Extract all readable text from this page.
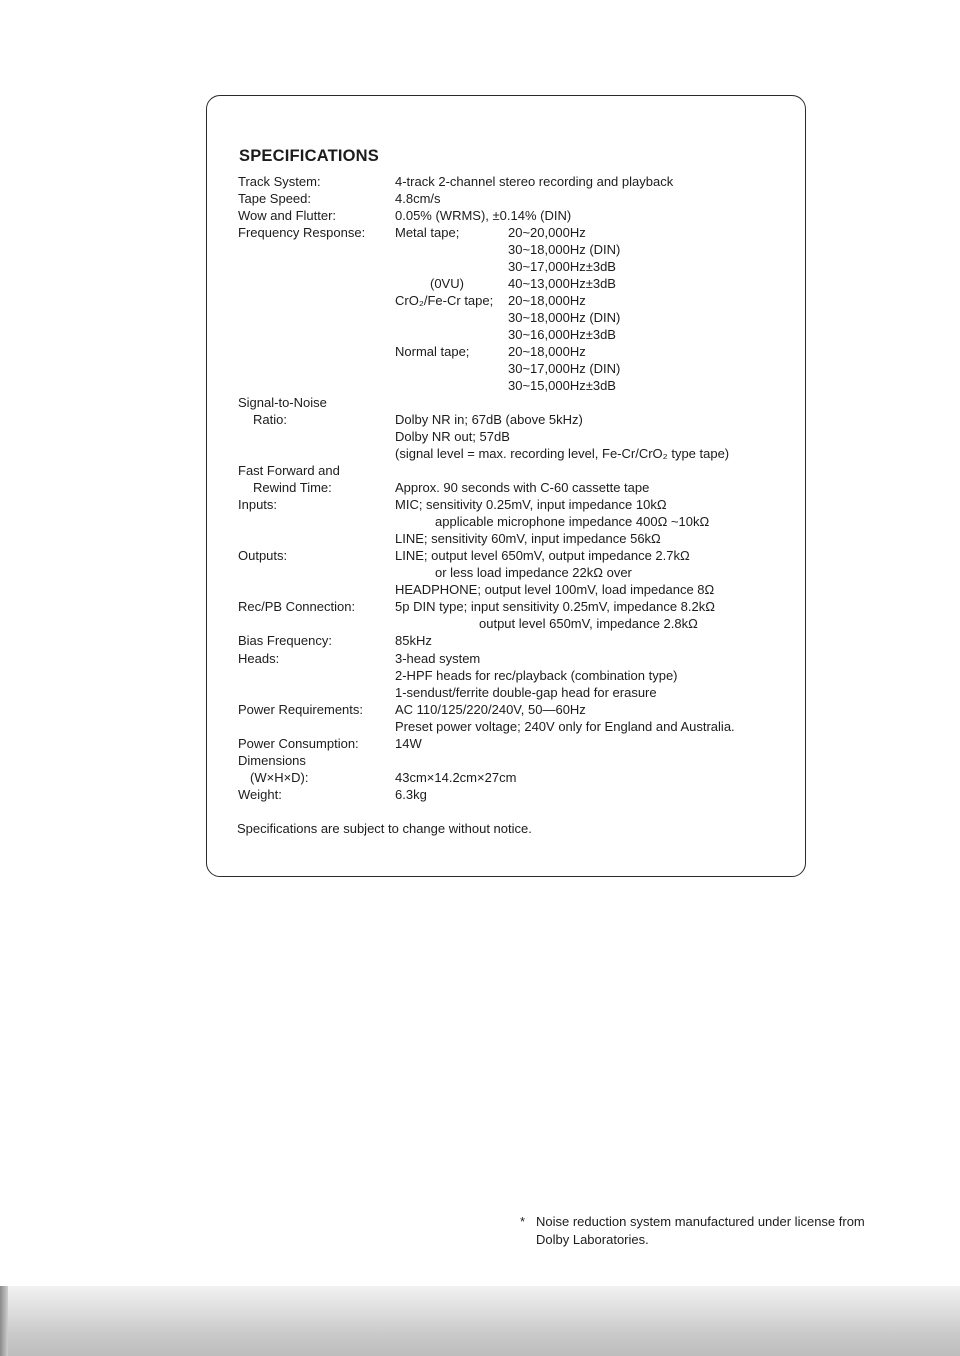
SPECIFICATIONS
Track System:	4-track 2-channel stereo recording and playback
Tape Speed:	4.8cm/s
Wow and Flutter:	0.05% (WRMS), ±0.14% (DIN)
Frequency Response: Metal tape;	20~20,000Hz
30~18,000Hz (DIN)
30~17,000Hz±3dB
(0VU)	40~13,000Hz±3dB
CrO₂/Fe-Cr tape; 20~18,000Hz
30~18,000Hz (DIN)
30~16,000Hz±3dB
Normal tape;	20~18,000Hz
30~17,000Hz (DIN)
30~15,000Hz±3dB
Signal-to-Noise
Ratio:	Dolby NR in; 67dB (above 5kHz)
Dolby NR out; 57dB
(signal level = max. recording level, Fe-Cr/CrO₂ type tape)
Fast Forward and
Rewind Time:	Approx. 90 seconds with C-60 cassette tape
Inputs:	MIC; sensitivity 0.25mV, input impedance 10kΩ
applicable microphone impedance 400Ω ~10kΩ
LINE; sensitivity 60mV, input impedance 56kΩ
Outputs:	LINE; output level 650mV, output impedance 2.7kΩ
or less load impedance 22kΩ over
HEADPHONE; output level 100mV, load impedance 8Ω
Rec/PB Connection:	5p DIN type; input sensitivity 0.25mV, impedance 8.2kΩ
output level 650mV, impedance 2.8kΩ
Bias Frequency:	85kHz
Heads:	3-head system
2-HPF heads for rec/playback (combination type)
1-sendust/ferrite double-gap head for erasure
Power Requirements: AC 110/125/220/240V, 50—60Hz
Preset power voltage; 240V only for England and Australia.
Power Consumption:	14W
Dimensions
(W×H×D):	43cm×14.2cm×27cm
Weight:	6.3kg
Specifications are subject to change without notice.
* Noise reduction system manufactured under license from
Dolby Laboratories.
